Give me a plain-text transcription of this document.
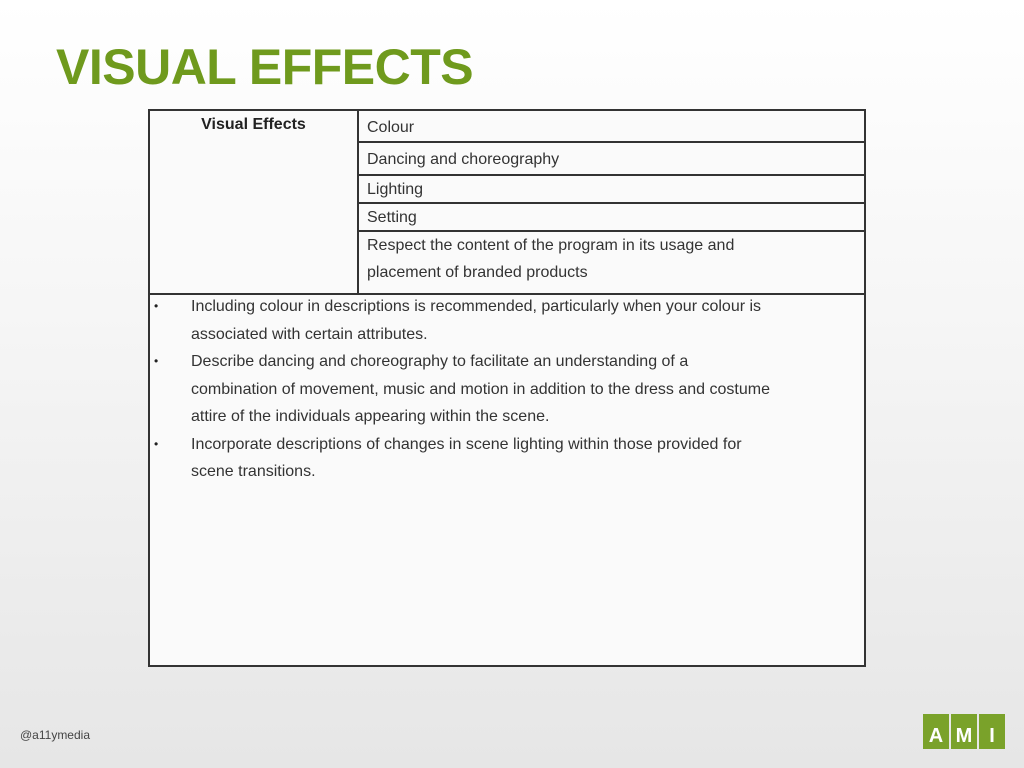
VISUAL EFFECTS
Visual Effects	Colour
Dancing and choreography
Lighting
Setting
Respect the content of the program in its usage and
placement of branded products
• Including colour in descriptions is recommended, particularly when your colour is
associated with certain attributes.
• Describe dancing and choreography to facilitate an understanding of a
combination of movement, music and motion in addition to the dress and costume
attire of the individuals appearing within the scene.
• Incorporate descriptions of changes in scene lighting within those provided for
scene transitions.
@a11ymedia	A M I
